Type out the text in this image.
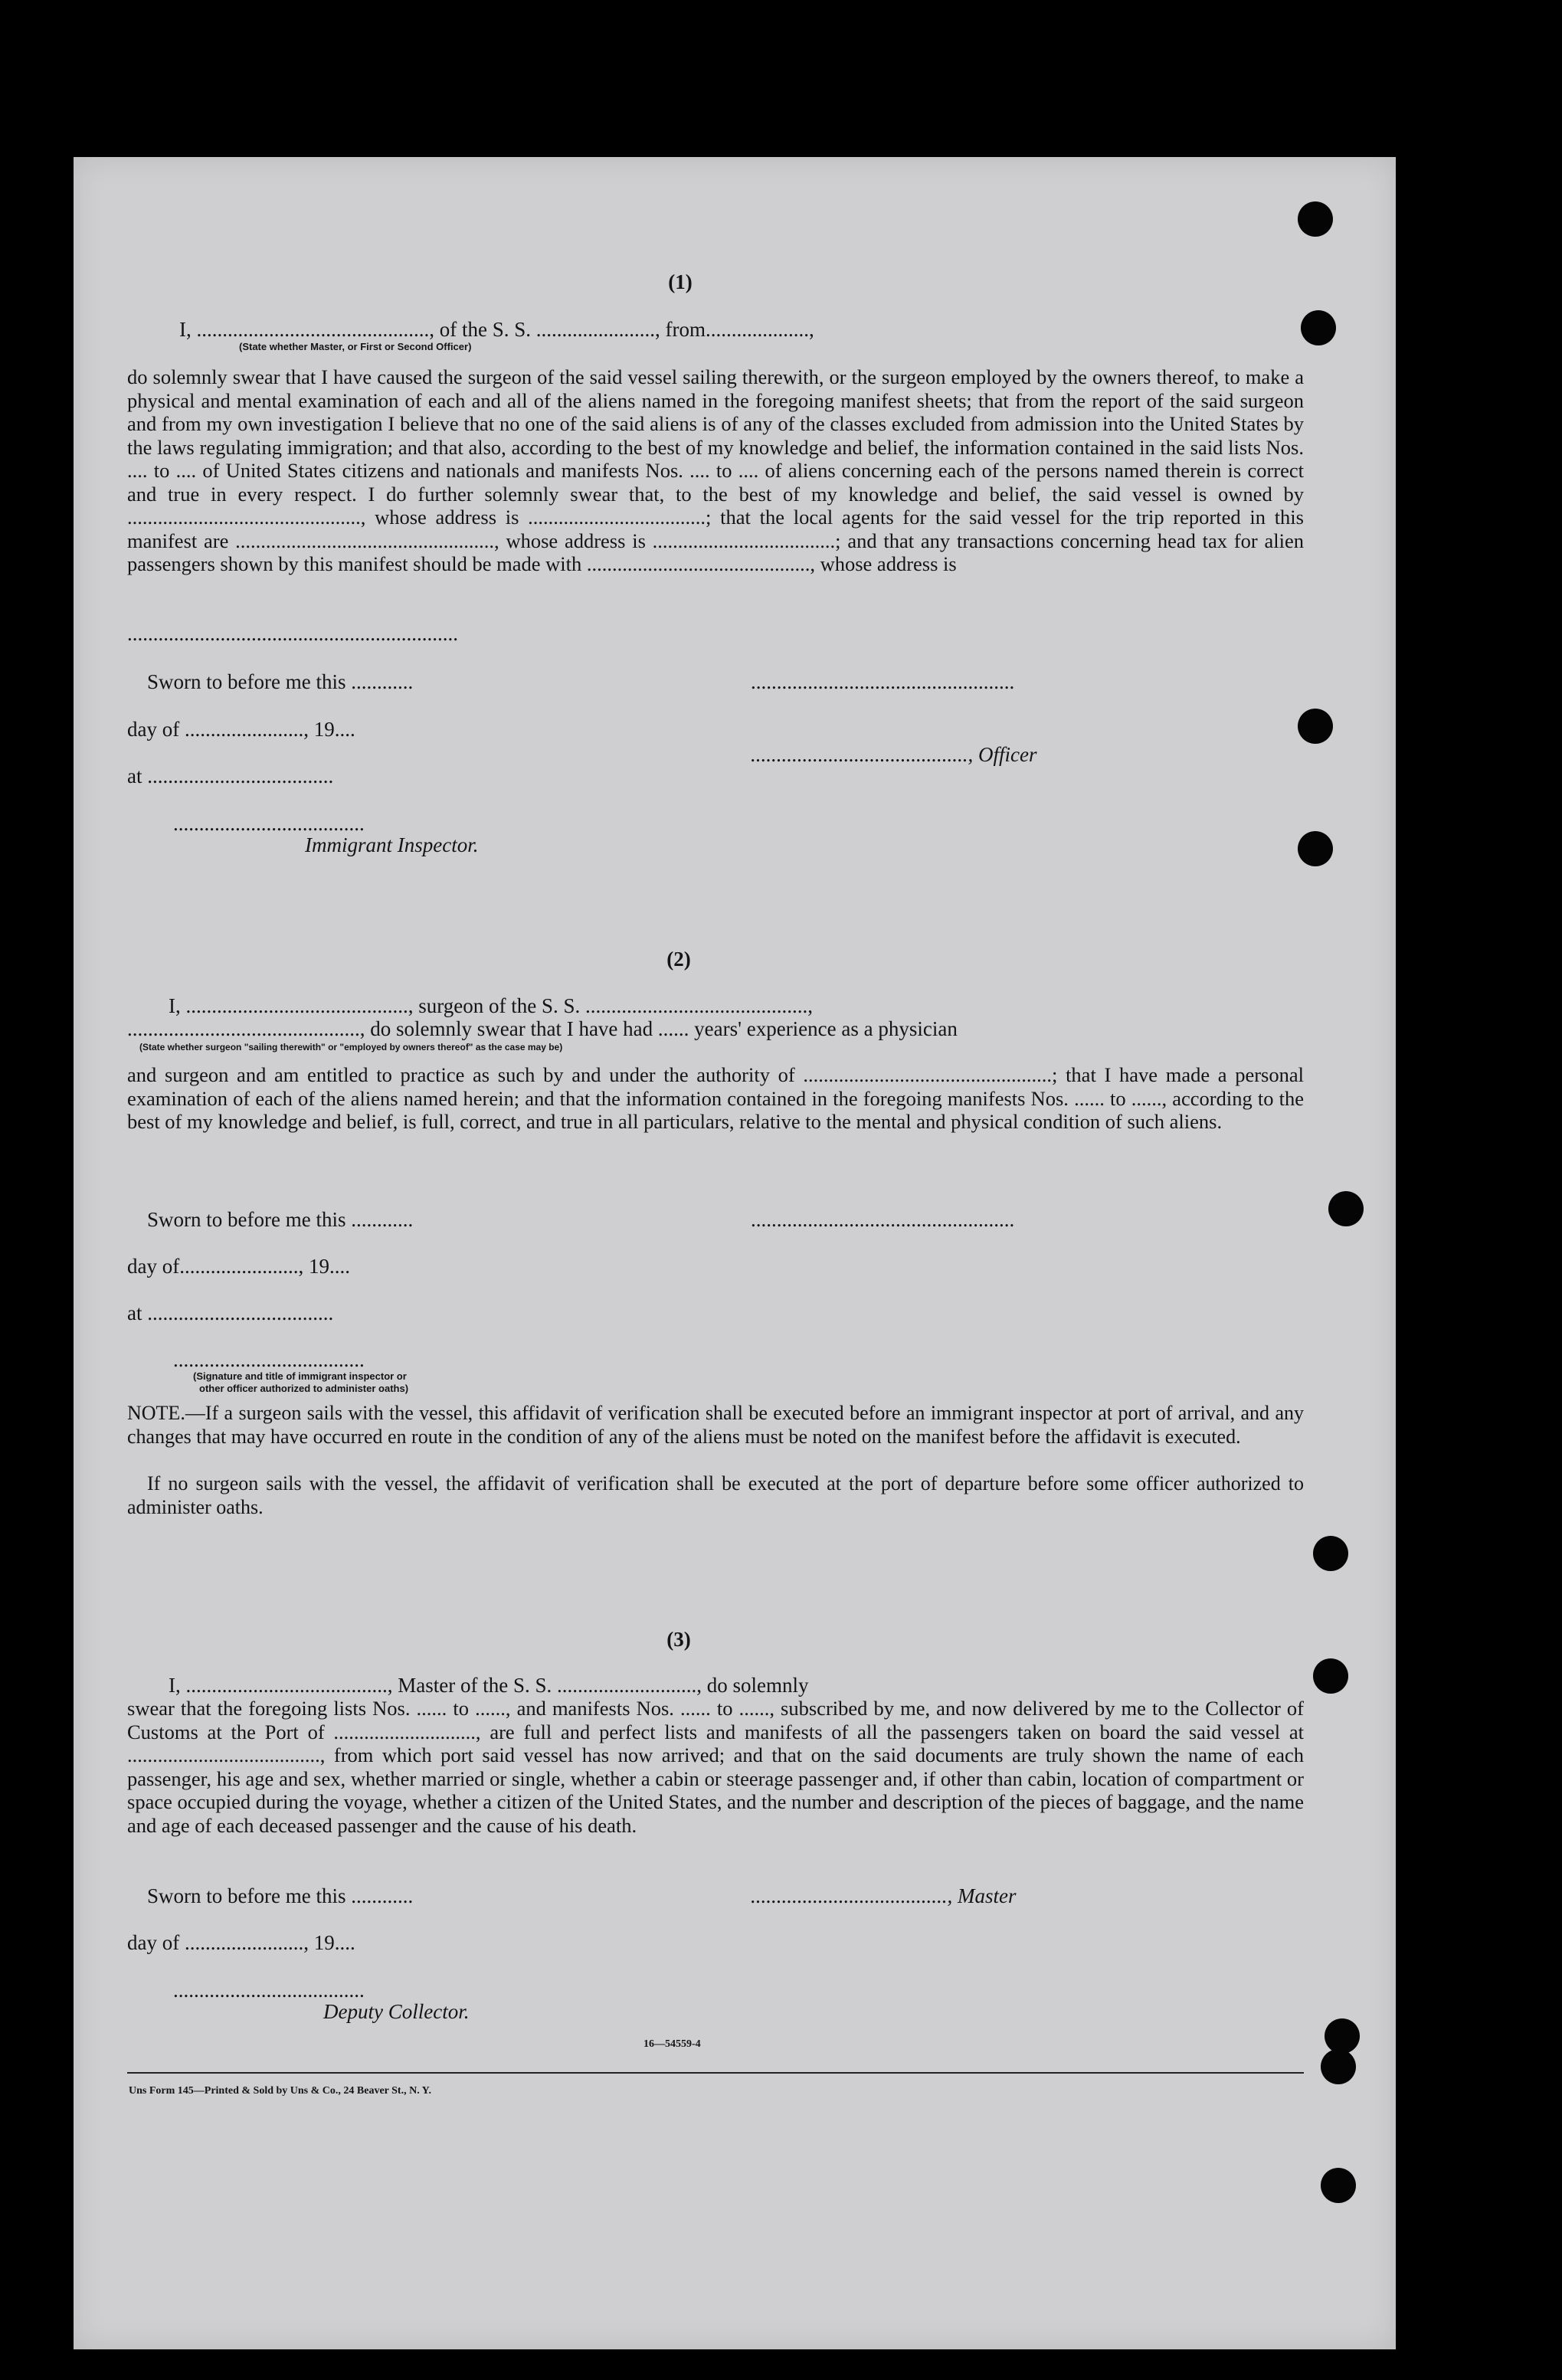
(1)
I, ............................................., of the S. S. ......................., from....................,
(State whether Master, or First or Second Officer)
do solemnly swear that I have caused the surgeon of the said vessel sailing therewith, or the surgeon employed by the owners thereof, to make a physical and mental examination of each and all of the aliens named in the foregoing manifest sheets; that from the report of the said surgeon and from my own investigation I believe that no one of the said aliens is of any of the classes excluded from admission into the United States by the laws regulating immigration; and that also, according to the best of my knowledge and belief, the information contained in the said lists Nos. .... to .... of United States citizens and nationals and manifests Nos. .... to .... of aliens concerning each of the persons named therein is correct and true in every respect. I do further solemnly swear that, to the best of my knowledge and belief, the said vessel is owned by .............................................., whose address is ...................................; that the local agents for the said vessel for the trip reported in this manifest are ..................................................., whose address is ....................................; and that any transactions concerning head tax for alien passengers shown by this manifest should be made with ............................................, whose address is
................................................................
Sworn to before me this ............	...................................................
day of ......................., 19....
.........................................., Officer
at ....................................
.....................................
Immigrant Inspector.
(2)
I, ..........................................., surgeon of the S. S. ...........................................,
............................................., do solemnly swear that I have had ...... years' experience as a physician
(State whether surgeon "sailing therewith" or "employed by owners thereof" as the case may be)
and surgeon and am entitled to practice as such by and under the authority of .................................................; that I have made a personal examination of each of the aliens named herein; and that the information contained in the foregoing manifests Nos. ...... to ......, according to the best of my knowledge and belief, is full, correct, and true in all particulars, relative to the mental and physical condition of such aliens.
Sworn to before me this ............	...................................................
day of......................., 19....
at ....................................
.....................................
(Signature and title of immigrant inspector or
other officer authorized to administer oaths)
NOTE.—If a surgeon sails with the vessel, this affidavit of verification shall be executed before an immigrant inspector at port of arrival, and any changes that may have occurred en route in the condition of any of the aliens must be noted on the manifest before the affidavit is executed.
If no surgeon sails with the vessel, the affidavit of verification shall be executed at the port of departure before some officer authorized to administer oaths.
(3)
I, ......................................., Master of the S. S. ..........................., do solemnly
swear that the foregoing lists Nos. ...... to ......, and manifests Nos. ...... to ......, subscribed by me, and now delivered by me to the Collector of Customs at the Port of ............................, are full and perfect lists and manifests of all the passengers taken on board the said vessel at ......................................, from which port said vessel has now arrived; and that on the said documents are truly shown the name of each passenger, his age and sex, whether married or single, whether a cabin or steerage passenger and, if other than cabin, location of compartment or space occupied during the voyage, whether a citizen of the United States, and the number and description of the pieces of baggage, and the name and age of each deceased passenger and the cause of his death.
Sworn to before me this ............	......................................, Master
day of ......................., 19....
.....................................
Deputy Collector.
16—54559-4
Uns Form 145—Printed & Sold by Uns & Co., 24 Beaver St., N. Y.
